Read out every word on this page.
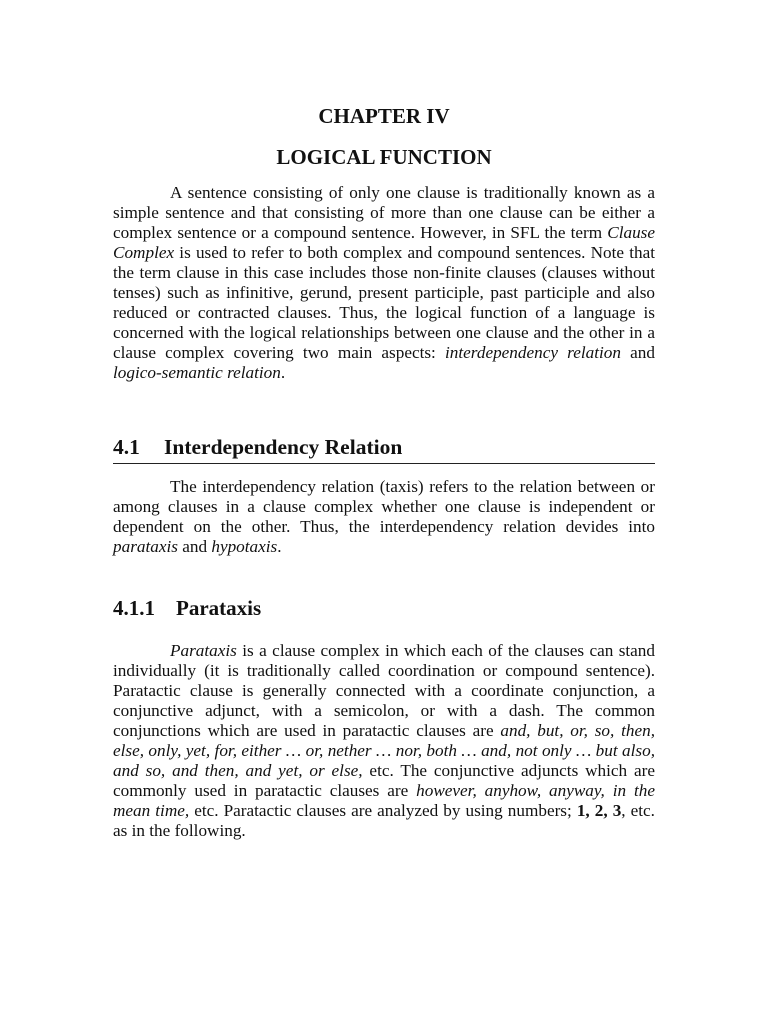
CHAPTER IV
LOGICAL FUNCTION

A sentence consisting of only one clause is traditionally known as a simple sentence and that consisting of more than one clause can be either a complex sentence or a compound sentence. However, in SFL the term Clause Complex is used to refer to both complex and compound sentences. Note that the term clause in this case includes those non-finite clauses (clauses without tenses) such as infinitive, gerund, present participle, past participle and also reduced or contracted clauses. Thus, the logical function of a language is concerned with the logical relationships between one clause and the other in a clause complex covering two main aspects: interdependency relation and logico-semantic relation.

4.1 Interdependency Relation

The interdependency relation (taxis) refers to the relation between or among clauses in a clause complex whether one clause is independent or dependent on the other. Thus, the interdependency relation devides into parataxis and hypotaxis.

4.1.1 Parataxis

Parataxis is a clause complex in which each of the clauses can stand individually (it is traditionally called coordination or compound sentence). Paratactic clause is generally connected with a coordinate conjunction, a conjunctive adjunct, with a semicolon, or with a dash. The common conjunctions which are used in paratactic clauses are and, but, or, so, then, else, only, yet, for, either … or, nether … nor, both … and, not only … but also, and so, and then, and yet, or else, etc. The conjunctive adjuncts which are commonly used in paratactic clauses are however, anyhow, anyway, in the mean time, etc. Paratactic clauses are analyzed by using numbers; 1, 2, 3, etc. as in the following.
